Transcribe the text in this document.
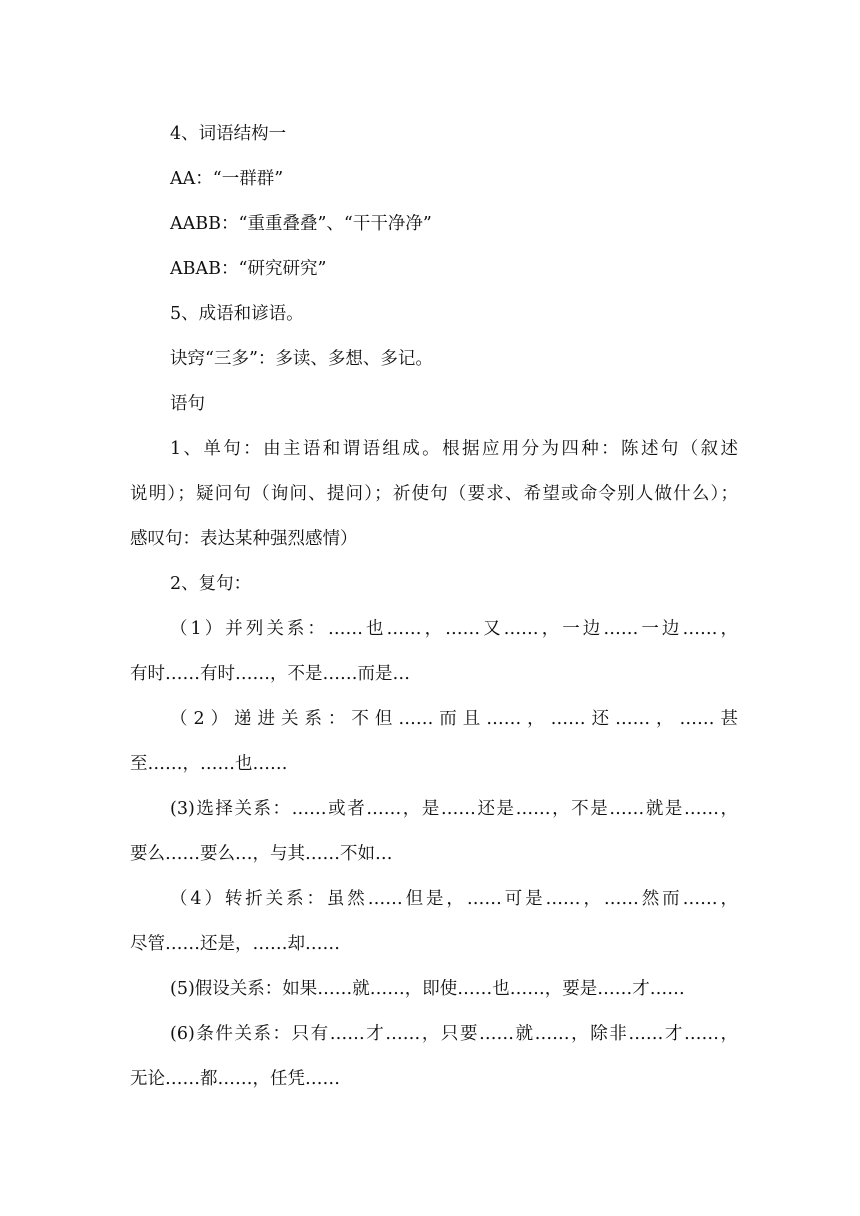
4、词语结构一
AA：“一群群”
AABB：“重重叠叠”、“干干净净”
ABAB：“研究研究”
5、成语和谚语。
诀窍“三多”：多读、多想、多记。
语句
1、单句：由主语和谓语组成。根据应用分为四种：陈述句（叙述
说明）；疑问句（询问、提问）；祈使句（要求、希望或命令别人做什么）；
感叹句：表达某种强烈感情）
2、复句：
（1）并列关系：……也……，……又……，一边……一边……，
有时……有时……，不是……而是…
（2）递进关系：不但……而且……，……还……，……甚
至……，……也……
(3)选择关系：……或者……，是……还是……，不是……就是……，
要么……要么…，与其……不如…
（4）转折关系：虽然……但是，……可是……，……然而……，
尽管……还是，……却……
(5)假设关系：如果……就……，即使……也……，要是……才……
(6)条件关系：只有……才……，只要……就……，除非……才……，
无论……都……，任凭……
